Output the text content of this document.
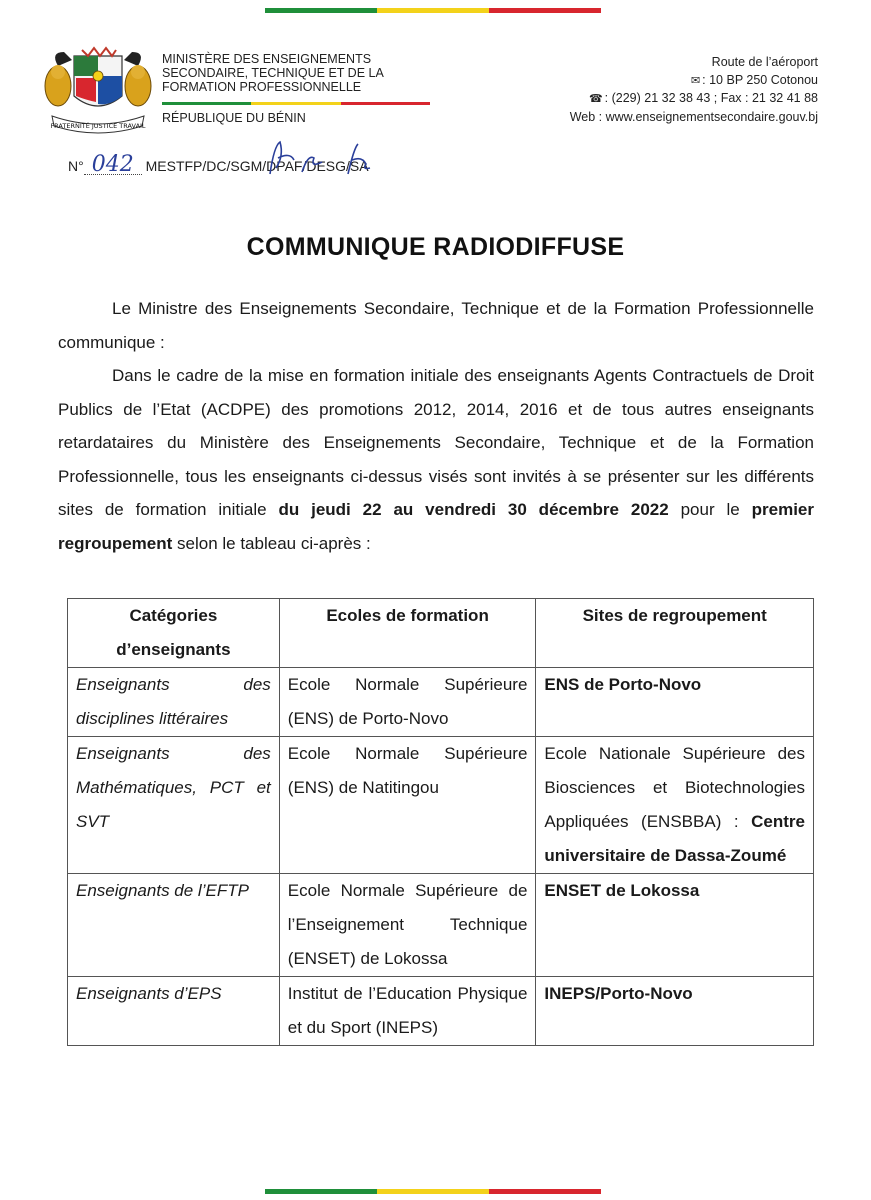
FRATERNITÉ JUSTICE TRAVAIL
MINISTÈRE DES ENSEIGNEMENTS
SECONDAIRE, TECHNIQUE ET DE LA
FORMATION PROFESSIONNELLE
RÉPUBLIQUE DU BÉNIN
Route de l’aéroport
✉ : 10 BP 250 Cotonou
☎ : (229) 21 32 38 43 ; Fax : 21 32 41 88
Web : www.enseignementsecondaire.gouv.bj
N° 042 MESTFP/DC/SGM/DPAF/DESG/SA
COMMUNIQUE RADIODIFFUSE

Le Ministre des Enseignements Secondaire, Technique et de la Formation Professionnelle communique :

Dans le cadre de la mise en formation initiale des enseignants Agents Contractuels de Droit Publics de l’Etat (ACDPE) des promotions 2012, 2014, 2016 et de tous autres enseignants retardataires du Ministère des Enseignements Secondaire, Technique et de la Formation Professionnelle, tous les enseignants ci-dessus visés sont invités à se présenter sur les différents sites de formation initiale du jeudi 22 au vendredi 30 décembre 2022 pour le premier regroupement selon le tableau ci-après :

Catégories d’enseignants	Ecoles de formation	Sites de regroupement
Enseignants des disciplines littéraires	Ecole Normale Supérieure (ENS) de Porto-Novo	ENS de Porto-Novo
Enseignants des Mathématiques, PCT et SVT	Ecole Normale Supérieure (ENS) de Natitingou	Ecole Nationale Supérieure des Biosciences et Biotechnologies Appliquées (ENSBBA) : Centre universitaire de Dassa-Zoumé
Enseignants de l’EFTP	Ecole Normale Supérieure de l’Enseignement Technique (ENSET) de Lokossa	ENSET de Lokossa
Enseignants d’EPS	Institut de l’Education Physique et du Sport (INEPS)	INEPS/Porto-Novo
